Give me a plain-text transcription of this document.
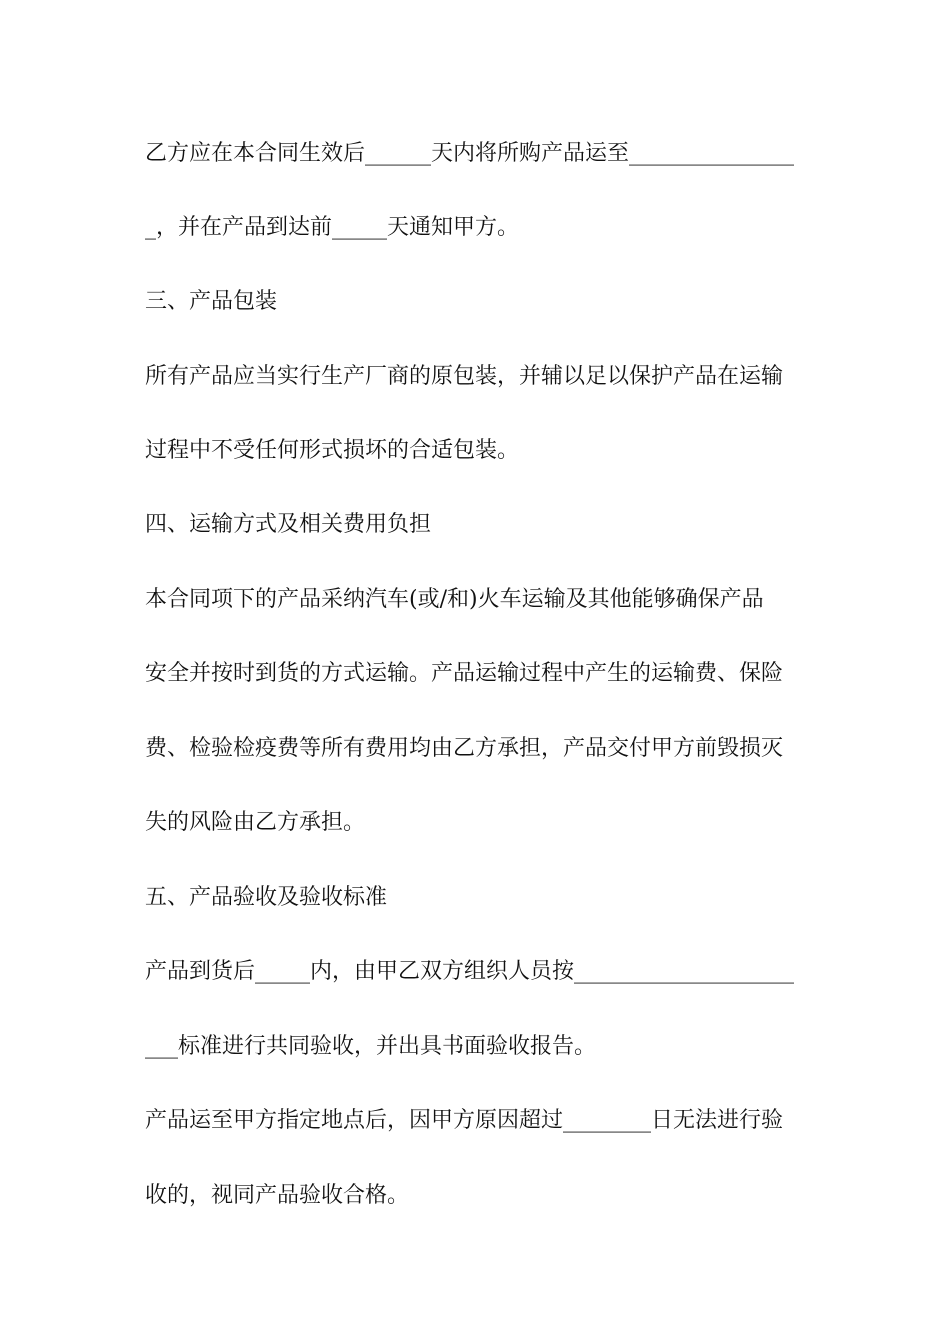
乙方应在本合同生效后______天内将所购产品运至_______________
_，并在产品到达前_____天通知甲方。
三、产品包装
所有产品应当实行生产厂商的原包装，并辅以足以保护产品在运输
过程中不受任何形式损坏的合适包装。
四、运输方式及相关费用负担
本合同项下的产品采纳汽车(或/和)火车运输及其他能够确保产品
安全并按时到货的方式运输。产品运输过程中产生的运输费、保险
费、检验检疫费等所有费用均由乙方承担，产品交付甲方前毁损灭
失的风险由乙方承担。
五、产品验收及验收标准
产品到货后_____内，由甲乙双方组织人员按____________________
___标准进行共同验收，并出具书面验收报告。
产品运至甲方指定地点后，因甲方原因超过________日无法进行验
收的，视同产品验收合格。
